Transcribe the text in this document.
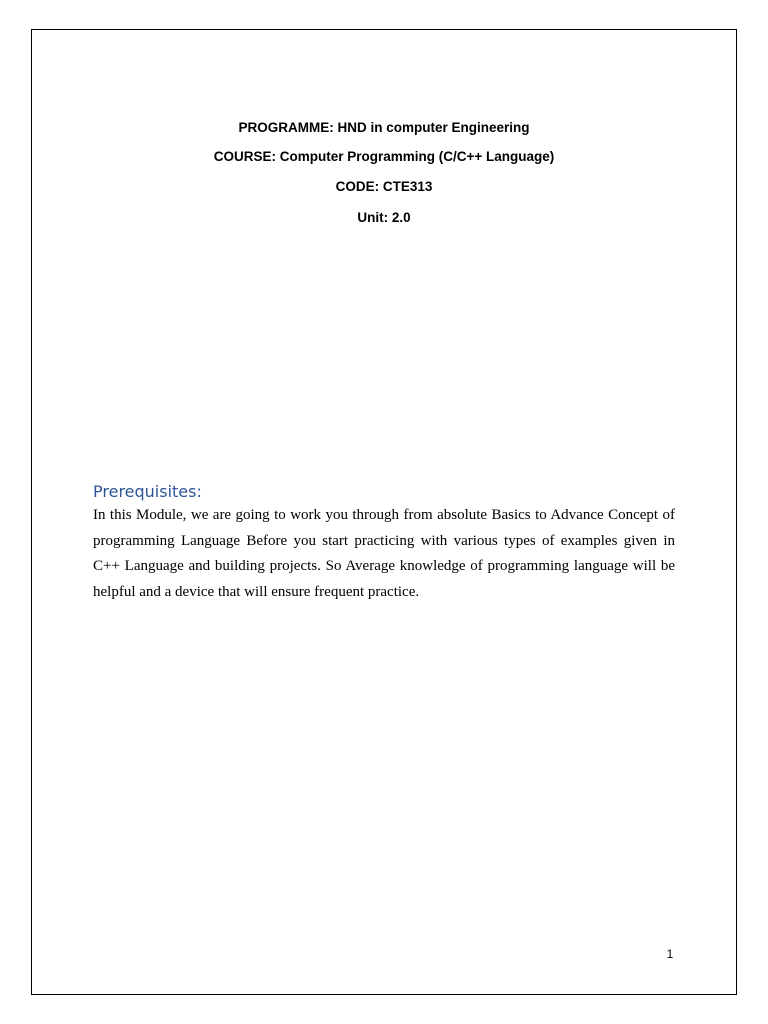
PROGRAMME: HND in computer Engineering
COURSE: Computer Programming (C/C++ Language)
CODE: CTE313
Unit: 2.0
Prerequisites:

In this Module, we are going to work you through from absolute Basics to Advance Concept of programming Language Before you start practicing with various types of examples given in C++ Language and building projects. So Average knowledge of programming language will be helpful and a device that will ensure frequent practice.

1
